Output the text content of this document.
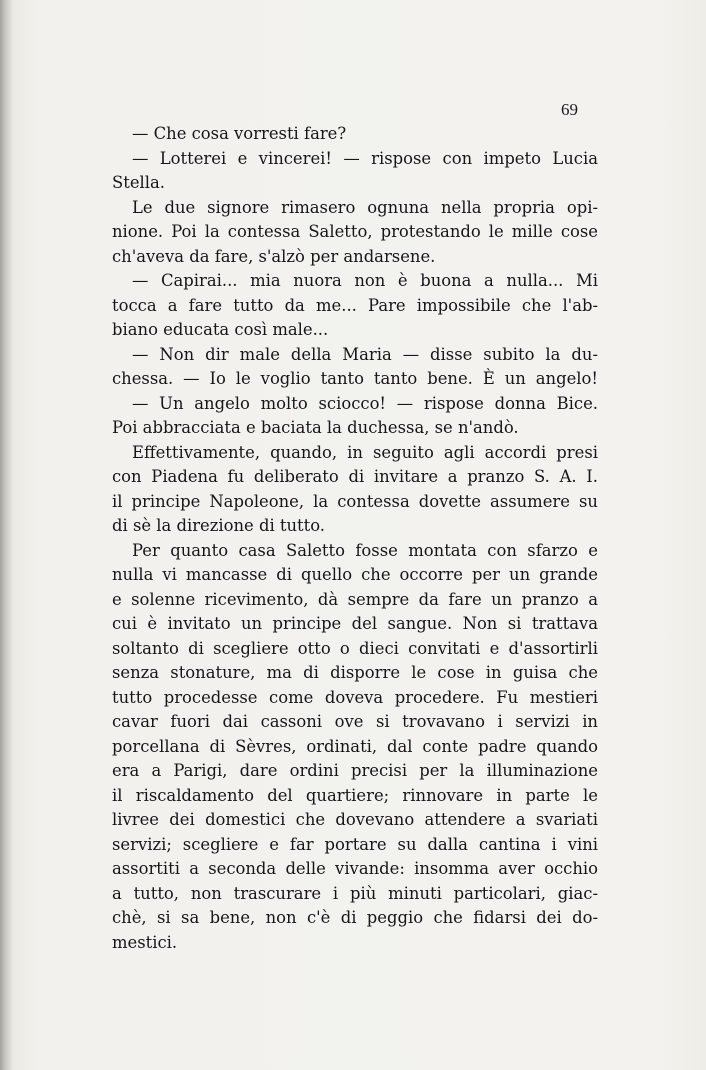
69

— Che cosa vorresti fare?

— Lotterei e vincerei! — rispose con impeto Lucia
Stella.

Le due signore rimasero ognuna nella propria opi-
nione. Poi la contessa Saletto, protestando le mille cose
ch'aveva da fare, s'alzò per andarsene.

— Capirai... mia nuora non è buona a nulla... Mi
tocca a fare tutto da me... Pare impossibile che l'ab-
biano educata così male...

— Non dir male della Maria — disse subito la du-
chessa. — Io le voglio tanto tanto bene. È un angelo!

— Un angelo molto sciocco! — rispose donna Bice.
Poi abbracciata e baciata la duchessa, se n'andò.

Effettivamente, quando, in seguito agli accordi presi
con Piadena fu deliberato di invitare a pranzo S. A. I.
il principe Napoleone, la contessa dovette assumere su
di sè la direzione di tutto.

Per quanto casa Saletto fosse montata con sfarzo e
nulla vi mancasse di quello che occorre per un grande
e solenne ricevimento, dà sempre da fare un pranzo a
cui è invitato un principe del sangue. Non si trattava
soltanto di scegliere otto o dieci convitati e d'assortirli
senza stonature, ma di disporre le cose in guisa che
tutto procedesse come doveva procedere. Fu mestieri
cavar fuori dai cassoni ove si trovavano i servizi in
porcellana di Sèvres, ordinati, dal conte padre quando
era a Parigi, dare ordini precisi per la illuminazione
il riscaldamento del quartiere; rinnovare in parte le
livree dei domestici che dovevano attendere a svariati
servizi; scegliere e far portare su dalla cantina i vini
assortiti a seconda delle vivande: insomma aver occhio
a tutto, non trascurare i più minuti particolari, giac-
chè, si sa bene, non c'è di peggio che fidarsi dei do-
mestici.
